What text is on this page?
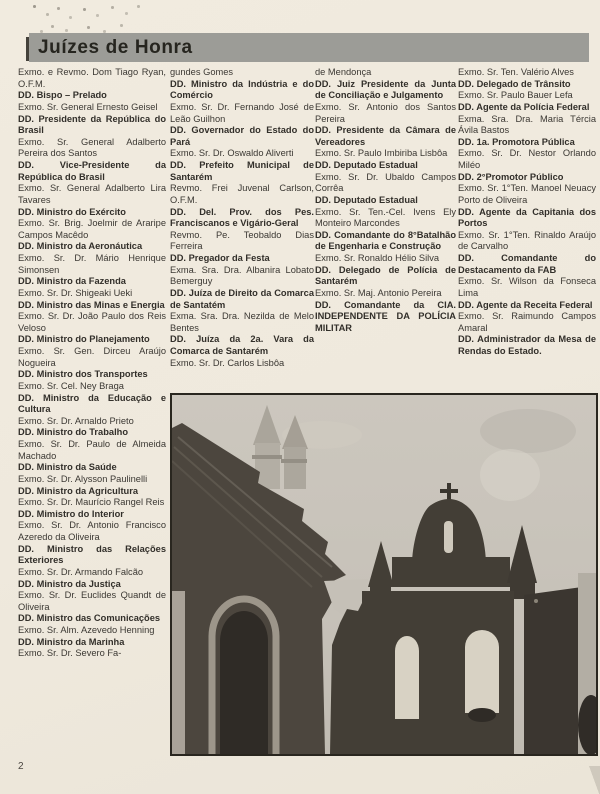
Juízes de Honra

Exmo. e Revmo. Dom Tiago Ryan, O.F.M.

DD. Bispo – Prelado

Exmo. Sr. General Ernesto Geisel

DD. Presidente da República do Brasil

Exmo. Sr. General Adalberto Pereira dos Santos

DD. Vice-Presidente da República do Brasil

Exmo. Sr. General Adalberto Lira Tavares

DD. Ministro do Exército

Exmo. Sr. Brig. Joelmir de Araripe Campos Macêdo

DD. Ministro da Aeronáutica

Exmo. Sr. Dr. Mário Henrique Simonsen

DD. Ministro da Fazenda

Exmo. Sr. Dr. Shigeaki Ueki

DD. Ministro das Minas e Energia

Exmo. Sr. Dr. João Paulo dos Reis Veloso

DD. Ministro do Planejamento

Exmo. Sr. Gen. Dirceu Araújo Nogueira

DD. Ministro dos Transportes

Exmo. Sr. Cel. Ney Braga

DD. Ministro da Educação e Cultura

Exmo. Sr. Dr. Arnaldo Prieto

DD. Ministro do Trabalho

Exmo. Sr. Dr. Paulo de Almeida Machado

DD. Ministro da Saúde

Exmo. Sr. Dr. Alysson Paulinelli

DD. Ministro da Agricultura

Exmo. Sr. Dr. Maurício Rangel Reis

DD. Mimistro do Interior

Exmo. Sr. Dr. Antonio Francisco Azeredo da Oliveira

DD. Ministro das Relações Exteriores

Exmo. Sr. Dr. Armando Falcão

DD. Ministro da Justiça

Exmo. Sr. Dr. Euclides Quandt de Oliveira

DD. Ministro das Comunicações

Exmo. Sr. Alm. Azevedo Henning

DD. Ministro da Marinha

Exmo. Sr. Dr. Severo Fa-

gundes Gomes

DD. Ministro da Indústria e do Comércio

Exmo. Sr. Dr. Fernando José de Leão Guilhon

DD. Governador do Estado do Pará

Exmo. Sr. Dr. Oswaldo Aliverti

DD. Prefeito Municipal de Santarém

Revmo. Frei Juvenal Carlson, O.F.M.

DD. Del. Prov. dos Pes. Franciscanos e Vigário-Geral

Revmo. Pe. Teobaldo Dias Ferreira

DD. Pregador da Festa

Exma. Sra. Dra. Albanira Lobato Bemerguy

DD. Juíza de Direito da Comarca de Santatém

Exma. Sra. Dra. Nezilda de Melo Bentes

DD. Juíza da 2a. Vara da Comarca de Santarém

Exmo. Sr. Dr. Carlos Lisbôa

de Mendonça

DD. Juiz Presidente da Junta de Conciliação e Julgamento

Exmo. Sr. Antonio dos Santos Pereira

DD. Presidente da Câmara de Vereadores

Exmo. Sr. Paulo Imbiriba Lisbôa

DD. Deputado Estadual

Exmo. Sr. Dr. Ubaldo Campos Corrêa

DD. Deputado Estadual

Exmo. Sr. Ten.-Cel. Ivens Ely Monteiro Marcondes

DD. Comandante do 8°Batalhão de Engenharia e Construção

Exmo. Sr. Ronaldo Hélio Silva

DD. Delegado de Polícia de Santarém

Exmo. Sr. Maj. Antonio Pereira

DD. Comandante da CIA. INDEPENDENTE DA POLÍCIA MILITAR

Exmo. Sr. Ten. Valério Alves

DD. Delegado de Trânsito

Exmo. Sr. Paulo Bauer Lefa

DD. Agente da Polícia Federal

Exma. Sra. Dra. Maria Tércia Ávila Bastos

DD. 1a. Promotora Pública

Exmo. Sr. Dr. Nestor Orlando Miléo

DD. 2°Promotor Público

Exmo. Sr. 1°Ten. Manoel Neuacy Porto de Oliveira

DD. Agente da Capitania dos Portos

Exmo. Sr. 1°Ten. Rinaldo Araújo de Carvalho

DD. Comandante do Destacamento da FAB

Exmo. Sr. Wilson da Fonseca Lima

DD. Agente da Receita Federal

Exmo. Sr. Raimundo Campos Amaral

DD. Administrador da Mesa de Rendas do Estado.

2
